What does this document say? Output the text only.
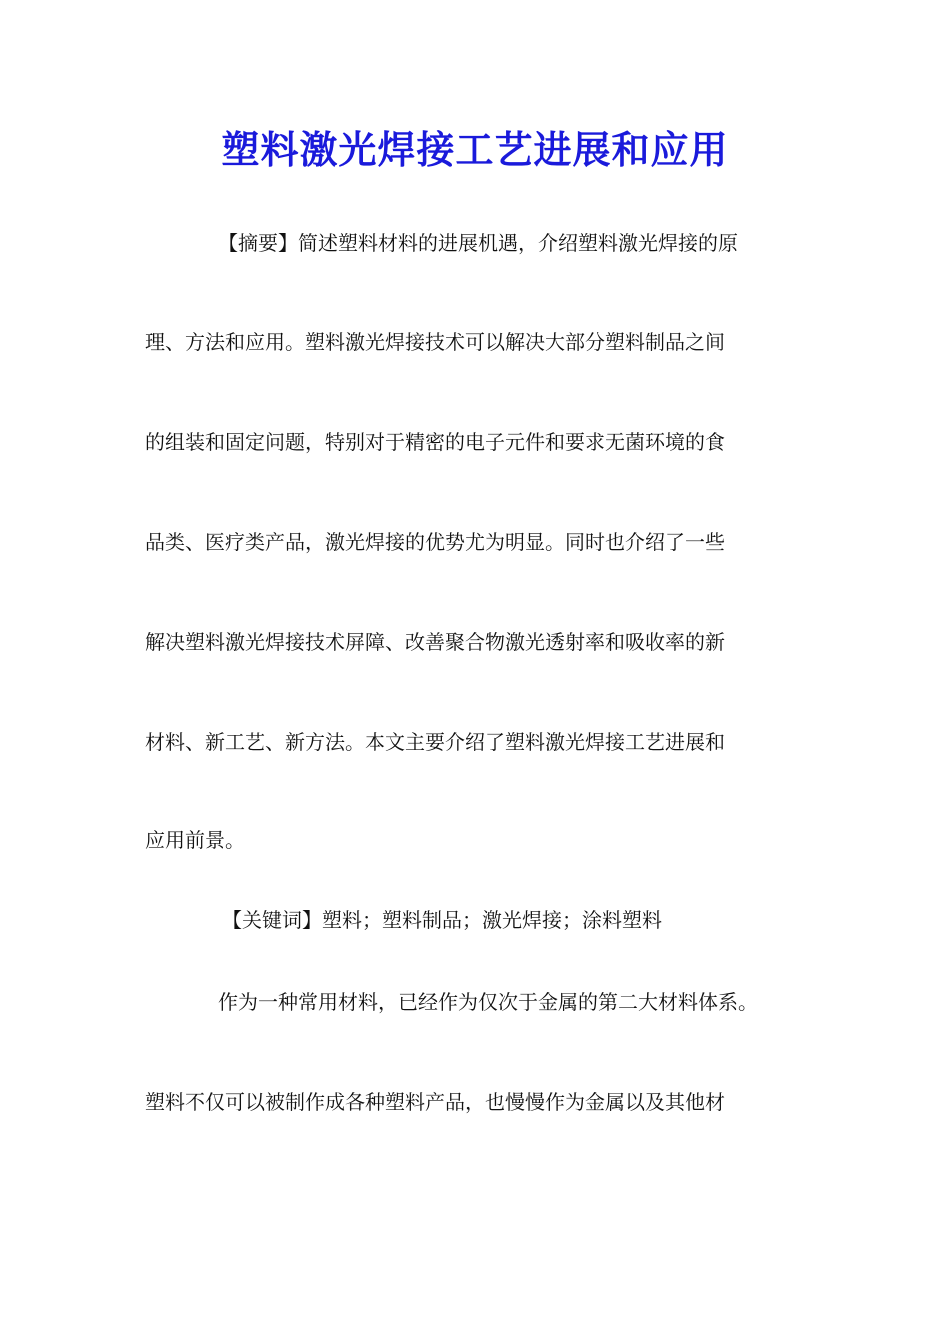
塑料激光焊接工艺进展和应用

【摘要】简述塑料材料的进展机遇，介绍塑料激光焊接的原

理、方法和应用。塑料激光焊接技术可以解决大部分塑料制品之间

的组装和固定问题，特别对于精密的电子元件和要求无菌环境的食

品类、医疗类产品，激光焊接的优势尤为明显。同时也介绍了一些

解决塑料激光焊接技术屏障、改善聚合物激光透射率和吸收率的新

材料、新工艺、新方法。本文主要介绍了塑料激光焊接工艺进展和

应用前景。

【关键词】塑料；塑料制品；激光焊接；涂料塑料

作为一种常用材料，已经作为仅次于金属的第二大材料体系。

塑料不仅可以被制作成各种塑料产品，也慢慢作为金属以及其他材
